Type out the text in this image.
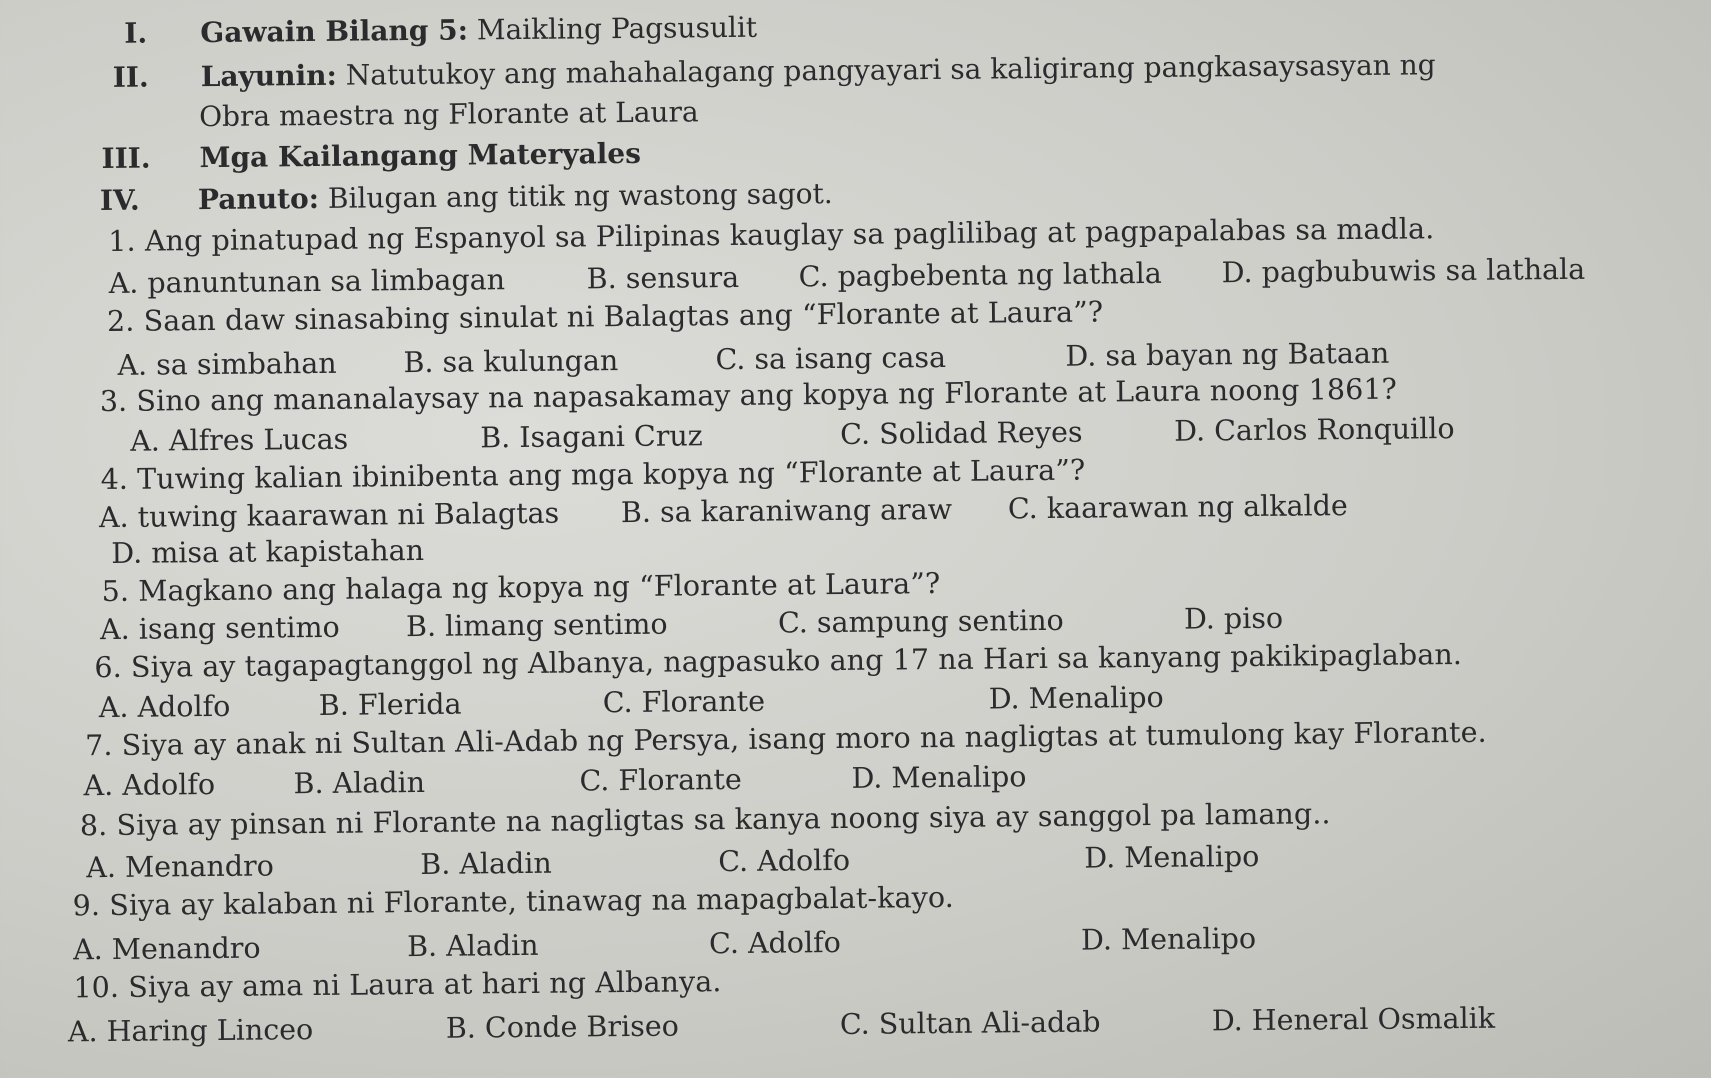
I. Gawain Bilang 5: Maikling Pagsusulit
II. Layunin: Natutukoy ang mahahalagang pangyayari sa kaligirang pangkasaysasyan ng
Obra maestra ng Florante at Laura
III. Mga Kailangang Materyales
IV. Panuto: Bilugan ang titik ng wastong sagot.
1. Ang pinatupad ng Espanyol sa Pilipinas kauglay sa paglilibag at pagpapalabas sa madla.
A. panuntunan sa limbagan	B. sensura C. pagbebenta ng lathala D. pagbubuwis sa lathala
2. Saan daw sinasabing sinulat ni Balagtas ang “Florante at Laura”?
A. sa simbahan B. sa kulungan	C. sa isang casa	D. sa bayan ng Bataan
3. Sino ang mananalaysay na napasakamay ang kopya ng Florante at Laura noong 1861?
A. Alfres Lucas	B. Isagani Cruz	C. Solidad Reyes	D. Carlos Ronquillo
4. Tuwing kalian ibinibenta ang mga kopya ng “Florante at Laura”?
A. tuwing kaarawan ni Balagtas B. sa karaniwang araw C. kaarawan ng alkalde
D. misa at kapistahan
5. Magkano ang halaga ng kopya ng “Florante at Laura”?
A. isang sentimo B. limang sentimo	C. sampung sentino	D. piso
6. Siya ay tagapagtanggol ng Albanya, nagpasuko ang 17 na Hari sa kanyang pakikipaglaban.
A. Adolfo	B. Flerida	C. Florante	D. Menalipo
7. Siya ay anak ni Sultan Ali-Adab ng Persya, isang moro na nagligtas at tumulong kay Florante.
A. Adolfo	B. Aladin	C. Florante	D. Menalipo
8. Siya ay pinsan ni Florante na nagligtas sa kanya noong siya ay sanggol pa lamang..
A. Menandro	B. Aladin	C. Adolfo	D. Menalipo
9. Siya ay kalaban ni Florante, tinawag na mapagbalat-kayo.
A. Menandro	B. Aladin	C. Adolfo	D. Menalipo
10. Siya ay ama ni Laura at hari ng Albanya.
A. Haring Linceo	B. Conde Briseo	C. Sultan Ali-adab	D. Heneral Osmalik
